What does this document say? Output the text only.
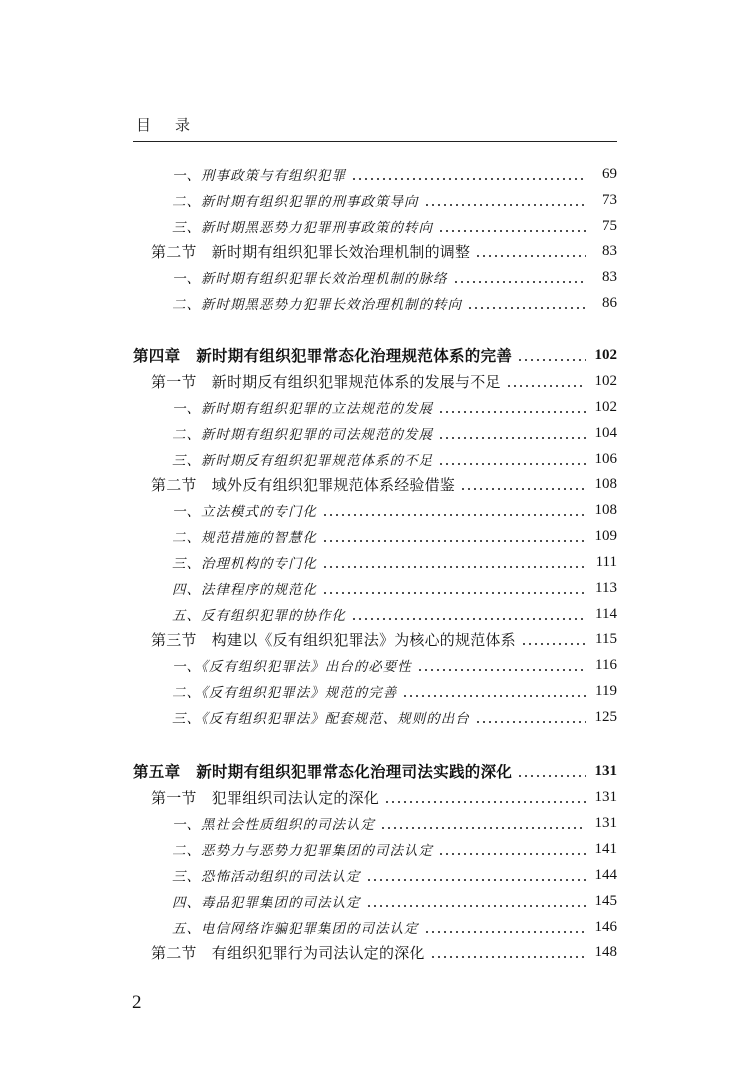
目录
一、刑事政策与有组织犯罪	69
二、新时期有组织犯罪的刑事政策导向	73
三、新时期黑恶势力犯罪刑事政策的转向	75
第二节　新时期有组织犯罪长效治理机制的调整	83
一、新时期有组织犯罪长效治理机制的脉络	83
二、新时期黑恶势力犯罪长效治理机制的转向	86
第四章　新时期有组织犯罪常态化治理规范体系的完善	102
第一节　新时期反有组织犯罪规范体系的发展与不足	102
一、新时期有组织犯罪的立法规范的发展	102
二、新时期有组织犯罪的司法规范的发展	104
三、新时期反有组织犯罪规范体系的不足	106
第二节　域外反有组织犯罪规范体系经验借鉴	108
一、立法模式的专门化	108
二、规范措施的智慧化	109
三、治理机构的专门化	111
四、法律程序的规范化	113
五、反有组织犯罪的协作化	114
第三节　构建以《反有组织犯罪法》为核心的规范体系	115
一、《反有组织犯罪法》出台的必要性	116
二、《反有组织犯罪法》规范的完善	119
三、《反有组织犯罪法》配套规范、规则的出台	125
第五章　新时期有组织犯罪常态化治理司法实践的深化	131
第一节　犯罪组织司法认定的深化	131
一、黑社会性质组织的司法认定	131
二、恶势力与恶势力犯罪集团的司法认定	141
三、恐怖活动组织的司法认定	144
四、毒品犯罪集团的司法认定	145
五、电信网络诈骗犯罪集团的司法认定	146
第二节　有组织犯罪行为司法认定的深化	148
2
